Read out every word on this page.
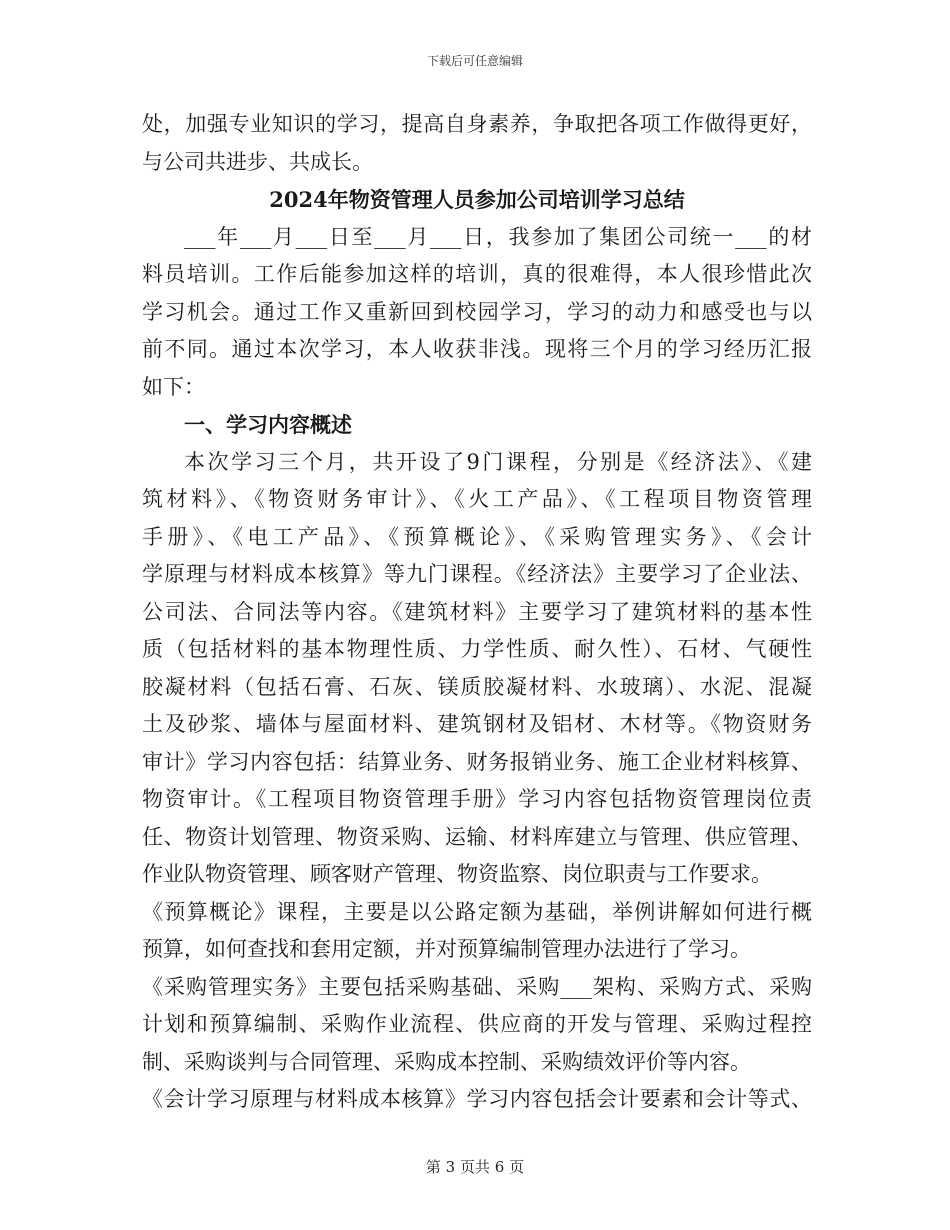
下载后可任意编辑

处，加强专业知识的学习，提高自身素养，争取把各项工作做得更好，

与公司共进步、共成长。

2024年物资管理人员参加公司培训学习总结

___年___月___日至___月___日，我参加了集团公司统一___的材

料员培训。工作后能参加这样的培训，真的很难得，本人很珍惜此次

学习机会。通过工作又重新回到校园学习，学习的动力和感受也与以

前不同。通过本次学习，本人收获非浅。现将三个月的学习经历汇报

如下：

一、学习内容概述

本次学习三个月，共开设了9门课程，分别是《经济法》、《建

筑材料》、《物资财务审计》、《火工产品》、《工程项目物资管理

手册》、《电工产品》、《预算概论》、《采购管理实务》、《会计

学原理与材料成本核算》等九门课程。《经济法》主要学习了企业法、

公司法、合同法等内容。《建筑材料》主要学习了建筑材料的基本性

质（包括材料的基本物理性质、力学性质、耐久性）、石材、气硬性

胶凝材料（包括石膏、石灰、镁质胶凝材料、水玻璃）、水泥、混凝

土及砂浆、墙体与屋面材料、建筑钢材及铝材、木材等。《物资财务

审计》学习内容包括：结算业务、财务报销业务、施工企业材料核算、

物资审计。《工程项目物资管理手册》学习内容包括物资管理岗位责

任、物资计划管理、物资采购、运输、材料库建立与管理、供应管理、

作业队物资管理、顾客财产管理、物资监察、岗位职责与工作要求。

《预算概论》课程，主要是以公路定额为基础，举例讲解如何进行概

预算，如何查找和套用定额，并对预算编制管理办法进行了学习。

《采购管理实务》主要包括采购基础、采购___架构、采购方式、采购

计划和预算编制、采购作业流程、供应商的开发与管理、采购过程控

制、采购谈判与合同管理、采购成本控制、采购绩效评价等内容。

《会计学习原理与材料成本核算》学习内容包括会计要素和会计等式、

第 3 页共 6 页
